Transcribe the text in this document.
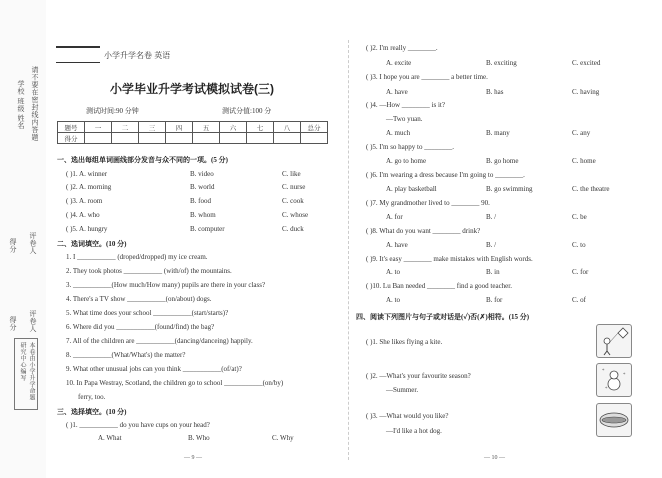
请不要在密封线内答题
学校 班级 姓名
得分 评卷人
得分 评卷人
本卷由小学升学命题研究中心编写
小学升学名卷 英语
小学毕业升学考试模拟试卷(三)
测试时间:90 分钟	测试分值:100 分
题号	一	二	三	四	五	六	七	八	总分
得分									
一、选出每组单词画线部分发音与众不同的一项。(5 分)
( )1. A. winner	B. video	C. like
( )2. A. morning	B. world	C. nurse
( )3. A. room	B. food	C. cook
( )4. A. who	B. whom	C. whose
( )5. A. hungry	B. computer	C. duck
二、选词填空。(10 分)
1. I ___________ (droped/dropped) my ice cream.
2. They took photos ___________ (with/of) the mountains.
3. ___________(How much/How many) pupils are there in your class?
4. There's a TV show ___________(on/about) dogs.
5. What time does your school ___________(start/starts)?
6. Where did you ___________(found/find) the bag?
7. All of the children are ___________(dancing/danceing) happily.
8. ___________(What/What's) the matter?
9. What other unusual jobs can you think ___________(of/at)?
10. In Papa Westray, Scotland, the children go to school ___________(on/by)
ferry, too.
三、选择填空。(10 分)
( )1. ___________ do you have cups on your head?
A. What	B. Who	C. Why
— 9 —
( )2. I'm really ________.
A. excite	B. exciting	C. excited
( )3. I hope you are ________ a better time.
A. have	B. has	C. having
( )4. —How ________ is it?
—Two yuan.
A. much	B. many	C. any
( )5. I'm so happy to ________.
A. go to home	B. go home	C. home
( )6. I'm wearing a dress because I'm going to ________.
A. play basketball	B. go swimming	C. the theatre
( )7. My grandmother lived to ________ 90.
A. for	B. /	C. be
( )8. What do you want ________ drink?
A. have	B. /	C. to
( )9. It's easy ________ make mistakes with English words.
A. to	B. in	C. for
( )10. Lu Ban needed ________ find a good teacher.
A. to	B. for	C. of
四、阅读下列图片与句子或对话是(✓)否(✗)相符。(15 分)
( )1. She likes flying a kite.
( )2. —What's your favourite season?
—Summer.
( )3. —What would you like?
—I'd like a hot dog.
*
*
*
— 10 —
